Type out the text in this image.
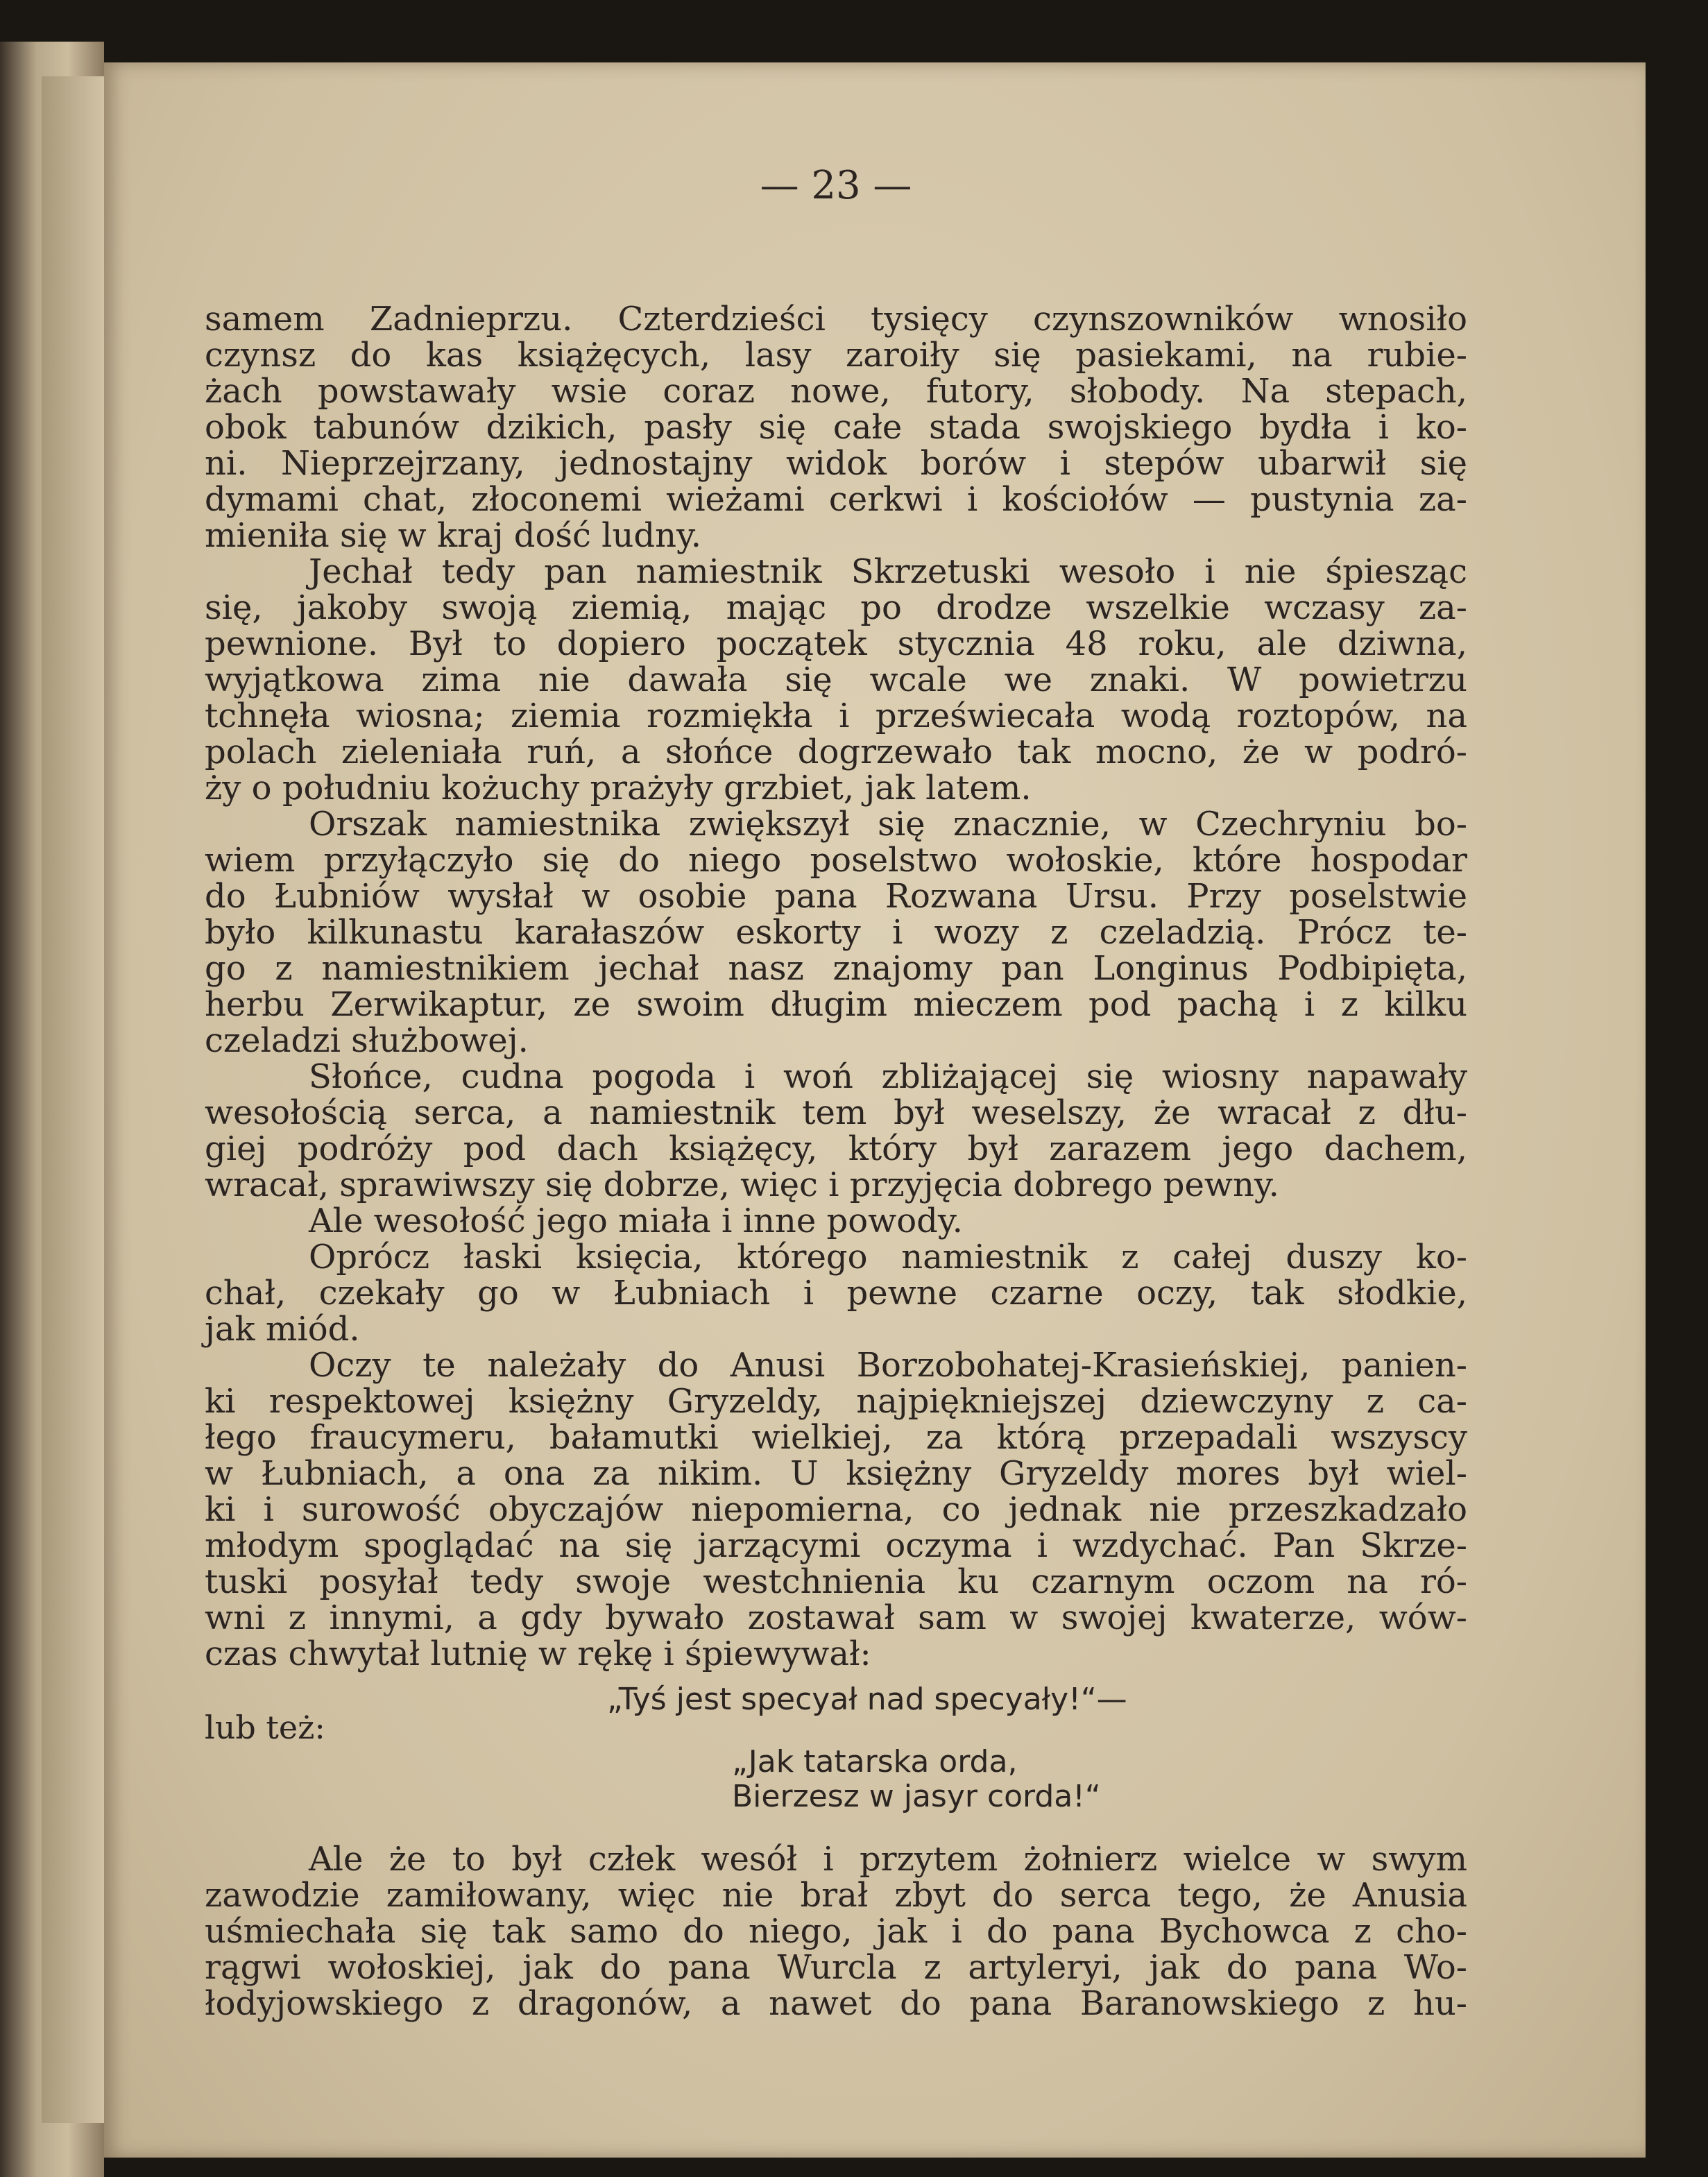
— 23 —
samem Zadnieprzu. Czterdzieści tysięcy czynszowników wnosiło
czynsz do kas książęcych, lasy zaroiły się pasiekami, na rubie-
żach powstawały wsie coraz nowe, futory, słobody. Na stepach,
obok tabunów dzikich, pasły się całe stada swojskiego bydła i ko-
ni. Nieprzejrzany, jednostajny widok borów i stepów ubarwił się
dymami chat, złoconemi wieżami cerkwi i kościołów — pustynia za-
mieniła się w kraj dość ludny.
Jechał tedy pan namiestnik Skrzetuski wesoło i nie śpiesząc
się, jakoby swoją ziemią, mając po drodze wszelkie wczasy za-
pewnione. Był to dopiero początek stycznia 48 roku, ale dziwna,
wyjątkowa zima nie dawała się wcale we znaki. W powietrzu
tchnęła wiosna; ziemia rozmiękła i przeświecała wodą roztopów, na
polach zieleniała ruń, a słońce dogrzewało tak mocno, że w podró-
ży o południu kożuchy prażyły grzbiet, jak latem.
Orszak namiestnika zwiększył się znacznie, w Czechryniu bo-
wiem przyłączyło się do niego poselstwo wołoskie, które hospodar
do Łubniów wysłał w osobie pana Rozwana Ursu. Przy poselstwie
było kilkunastu karałaszów eskorty i wozy z czeladzią. Prócz te-
go z namiestnikiem jechał nasz znajomy pan Longinus Podbipięta,
herbu Zerwikaptur, ze swoim długim mieczem pod pachą i z kilku
czeladzi służbowej.
Słońce, cudna pogoda i woń zbliżającej się wiosny napawały
wesołością serca, a namiestnik tem był weselszy, że wracał z dłu-
giej podróży pod dach książęcy, który był zarazem jego dachem,
wracał, sprawiwszy się dobrze, więc i przyjęcia dobrego pewny.
Ale wesołość jego miała i inne powody.
Oprócz łaski księcia, którego namiestnik z całej duszy ko-
chał, czekały go w Łubniach i pewne czarne oczy, tak słodkie,
jak miód.
Oczy te należały do Anusi Borzobohatej-Krasieńskiej, panien-
ki respektowej księżny Gryzeldy, najpiękniejszej dziewczyny z ca-
łego fraucymeru, bałamutki wielkiej, za którą przepadali wszyscy
w Łubniach, a ona za nikim. U księżny Gryzeldy mores był wiel-
ki i surowość obyczajów niepomierna, co jednak nie przeszkadzało
młodym spoglądać na się jarzącymi oczyma i wzdychać. Pan Skrze-
tuski posyłał tedy swoje westchnienia ku czarnym oczom na ró-
wni z innymi, a gdy bywało zostawał sam w swojej kwaterze, wów-
czas chwytał lutnię w rękę i śpiewywał:
„Tyś jest specyał nad specyały!“—
lub też:
„Jak tatarska orda,
Bierzesz w jasyr corda!“
Ale że to był człek wesół i przytem żołnierz wielce w swym
zawodzie zamiłowany, więc nie brał zbyt do serca tego, że Anusia
uśmiechała się tak samo do niego, jak i do pana Bychowca z cho-
rągwi wołoskiej, jak do pana Wurcla z artyleryi, jak do pana Wo-
łodyjowskiego z dragonów, a nawet do pana Baranowskiego z hu-
